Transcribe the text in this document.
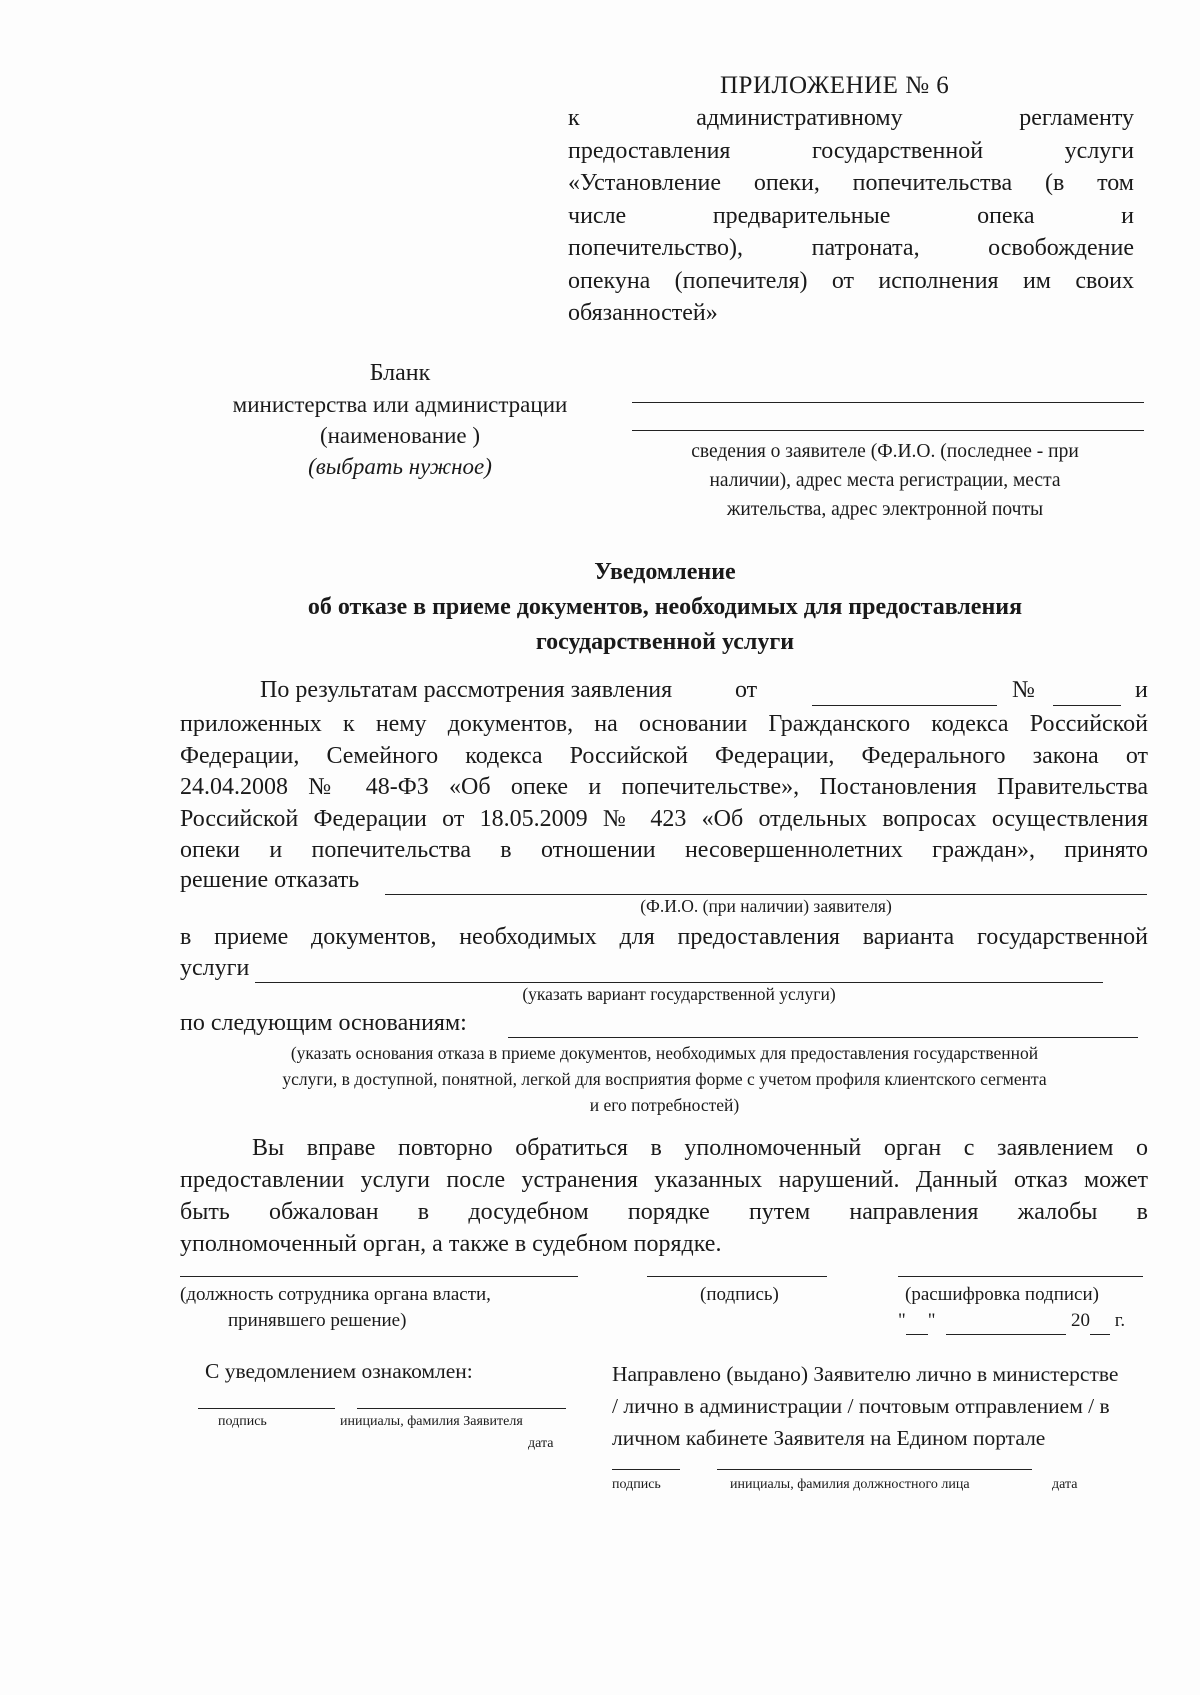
ПРИЛОЖЕНИЕ № 6
к административному регламенту
предоставления государственной услуги
«Установление опеки, попечительства (в том
числе предварительные опека и
попечительство), патроната, освобождение
опекуна (попечителя) от исполнения им своих
обязанностей»
Бланк
министерства или администрации
(наименование )
(выбрать нужное)
сведения о заявителе (Ф.И.О. (последнее - при
наличии), адрес места регистрации, места
жительства, адрес электронной почты
Уведомление
об отказе в приеме документов, необходимых для предоставления
государственной услуги
По результатам рассмотрения заявления	от	№	и
приложенных к нему документов, на основании Гражданского кодекса Российской
Федерации, Семейного кодекса Российской Федерации, Федерального закона от
24.04.2008 № 48-ФЗ «Об опеке и попечительстве», Постановления Правительства
Российской Федерации от 18.05.2009 № 423 «Об отдельных вопросах осуществления
опеки и попечительства в отношении несовершеннолетних граждан», принято
решение отказать
(Ф.И.О. (при наличии) заявителя)
в приеме документов, необходимых для предоставления варианта государственной
услуги
(указать вариант государственной услуги)
по следующим основаниям:
(указать основания отказа в приеме документов, необходимых для предоставления государственной
услуги, в доступной, понятной, легкой для восприятия форме с учетом профиля клиентского сегмента
и его потребностей)
Вы вправе повторно обратиться в уполномоченный орган с заявлением о
предоставлении услуги после устранения указанных нарушений. Данный отказ может
быть обжалован в досудебном порядке путем направления жалобы в
уполномоченный орган, а также в судебном порядке.
(должность сотрудника органа власти,
принявшего решение)
(подпись)	(расшифровка подписи)
" "	20 г.
С уведомлением ознакомлен:
подпись	инициалы, фамилия Заявителя
дата
Направлено (выдано) Заявителю лично в министерстве
/ лично в администрации / почтовым отправлением / в
личном кабинете Заявителя на Едином портале
подпись	инициалы, фамилия должностного лица	дата
